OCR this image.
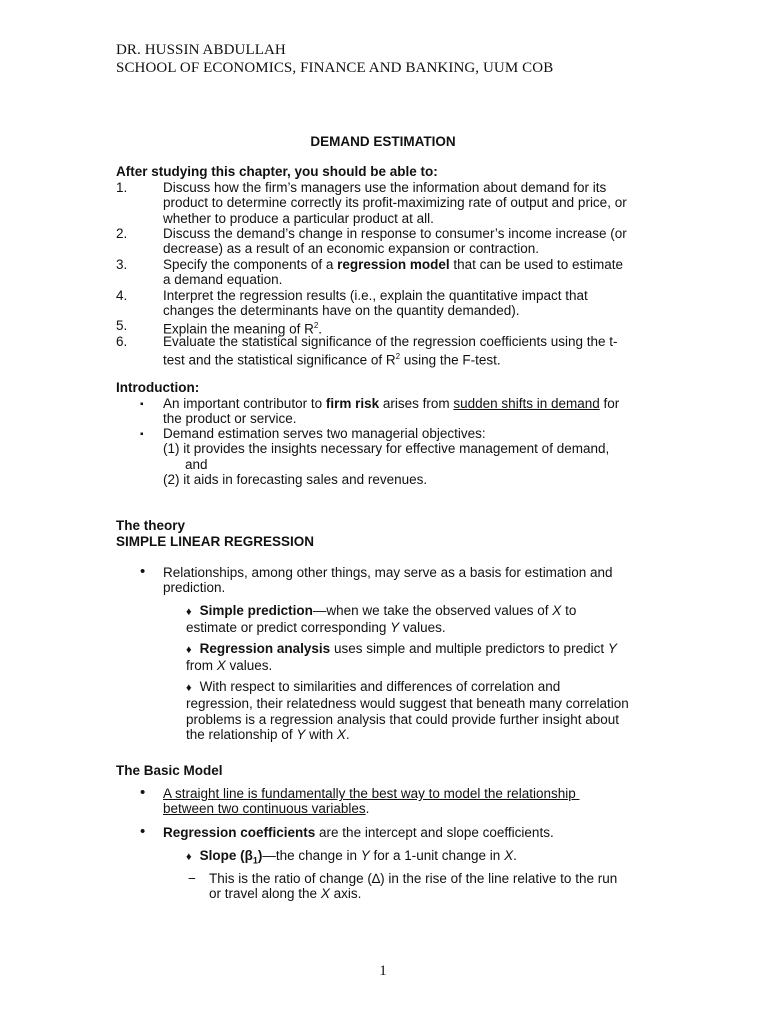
DR. HUSSIN ABDULLAH
SCHOOL OF ECONOMICS, FINANCE AND BANKING, UUM COB
DEMAND ESTIMATION
After studying this chapter, you should be able to:
1.	Discuss how the firm’s managers use the information about demand for its
product to determine correctly its profit-maximizing rate of output and price, or
whether to produce a particular product at all.
2.	Discuss the demand’s change in response to consumer’s income increase (or
decrease) as a result of an economic expansion or contraction.
3.	Specify the components of a regression model that can be used to estimate
a demand equation.
4.	Interpret the regression results (i.e., explain the quantitative impact that
changes the determinants have on the quantity demanded).
5.	Explain the meaning of $R^2$.
6.	Evaluate the statistical significance of the regression coefficients using the t-
test and the statistical significance of $R^2$ using the F-test.
Introduction:
▪ An important contributor to firm risk arises from sudden shifts in demand for
the product or service.
▪ Demand estimation serves two managerial objectives:
(1) it provides the insights necessary for effective management of demand,
and
(2) it aids in forecasting sales and revenues.
The theory
SIMPLE LINEAR REGRESSION
• Relationships, among other things, may serve as a basis for estimation and
prediction.
♦ Simple prediction—when we take the observed values of X to
estimate or predict corresponding Y values.
♦ Regression analysis uses simple and multiple predictors to predict Y
from X values.
♦ With respect to similarities and differences of correlation and
regression, their relatedness would suggest that beneath many correlation
problems is a regression analysis that could provide further insight about
the relationship of Y with X.
The Basic Model
• A straight line is fundamentally the best way to model the relationship
between two continuous variables.
• Regression coefficients are the intercept and slope coefficients.
♦ Slope $(\beta_1)—the$ change in Y for a 1-unit change in X.
− This is the ratio of change (∆) in the rise of the line relative to the run
or travel along the X axis.
1
